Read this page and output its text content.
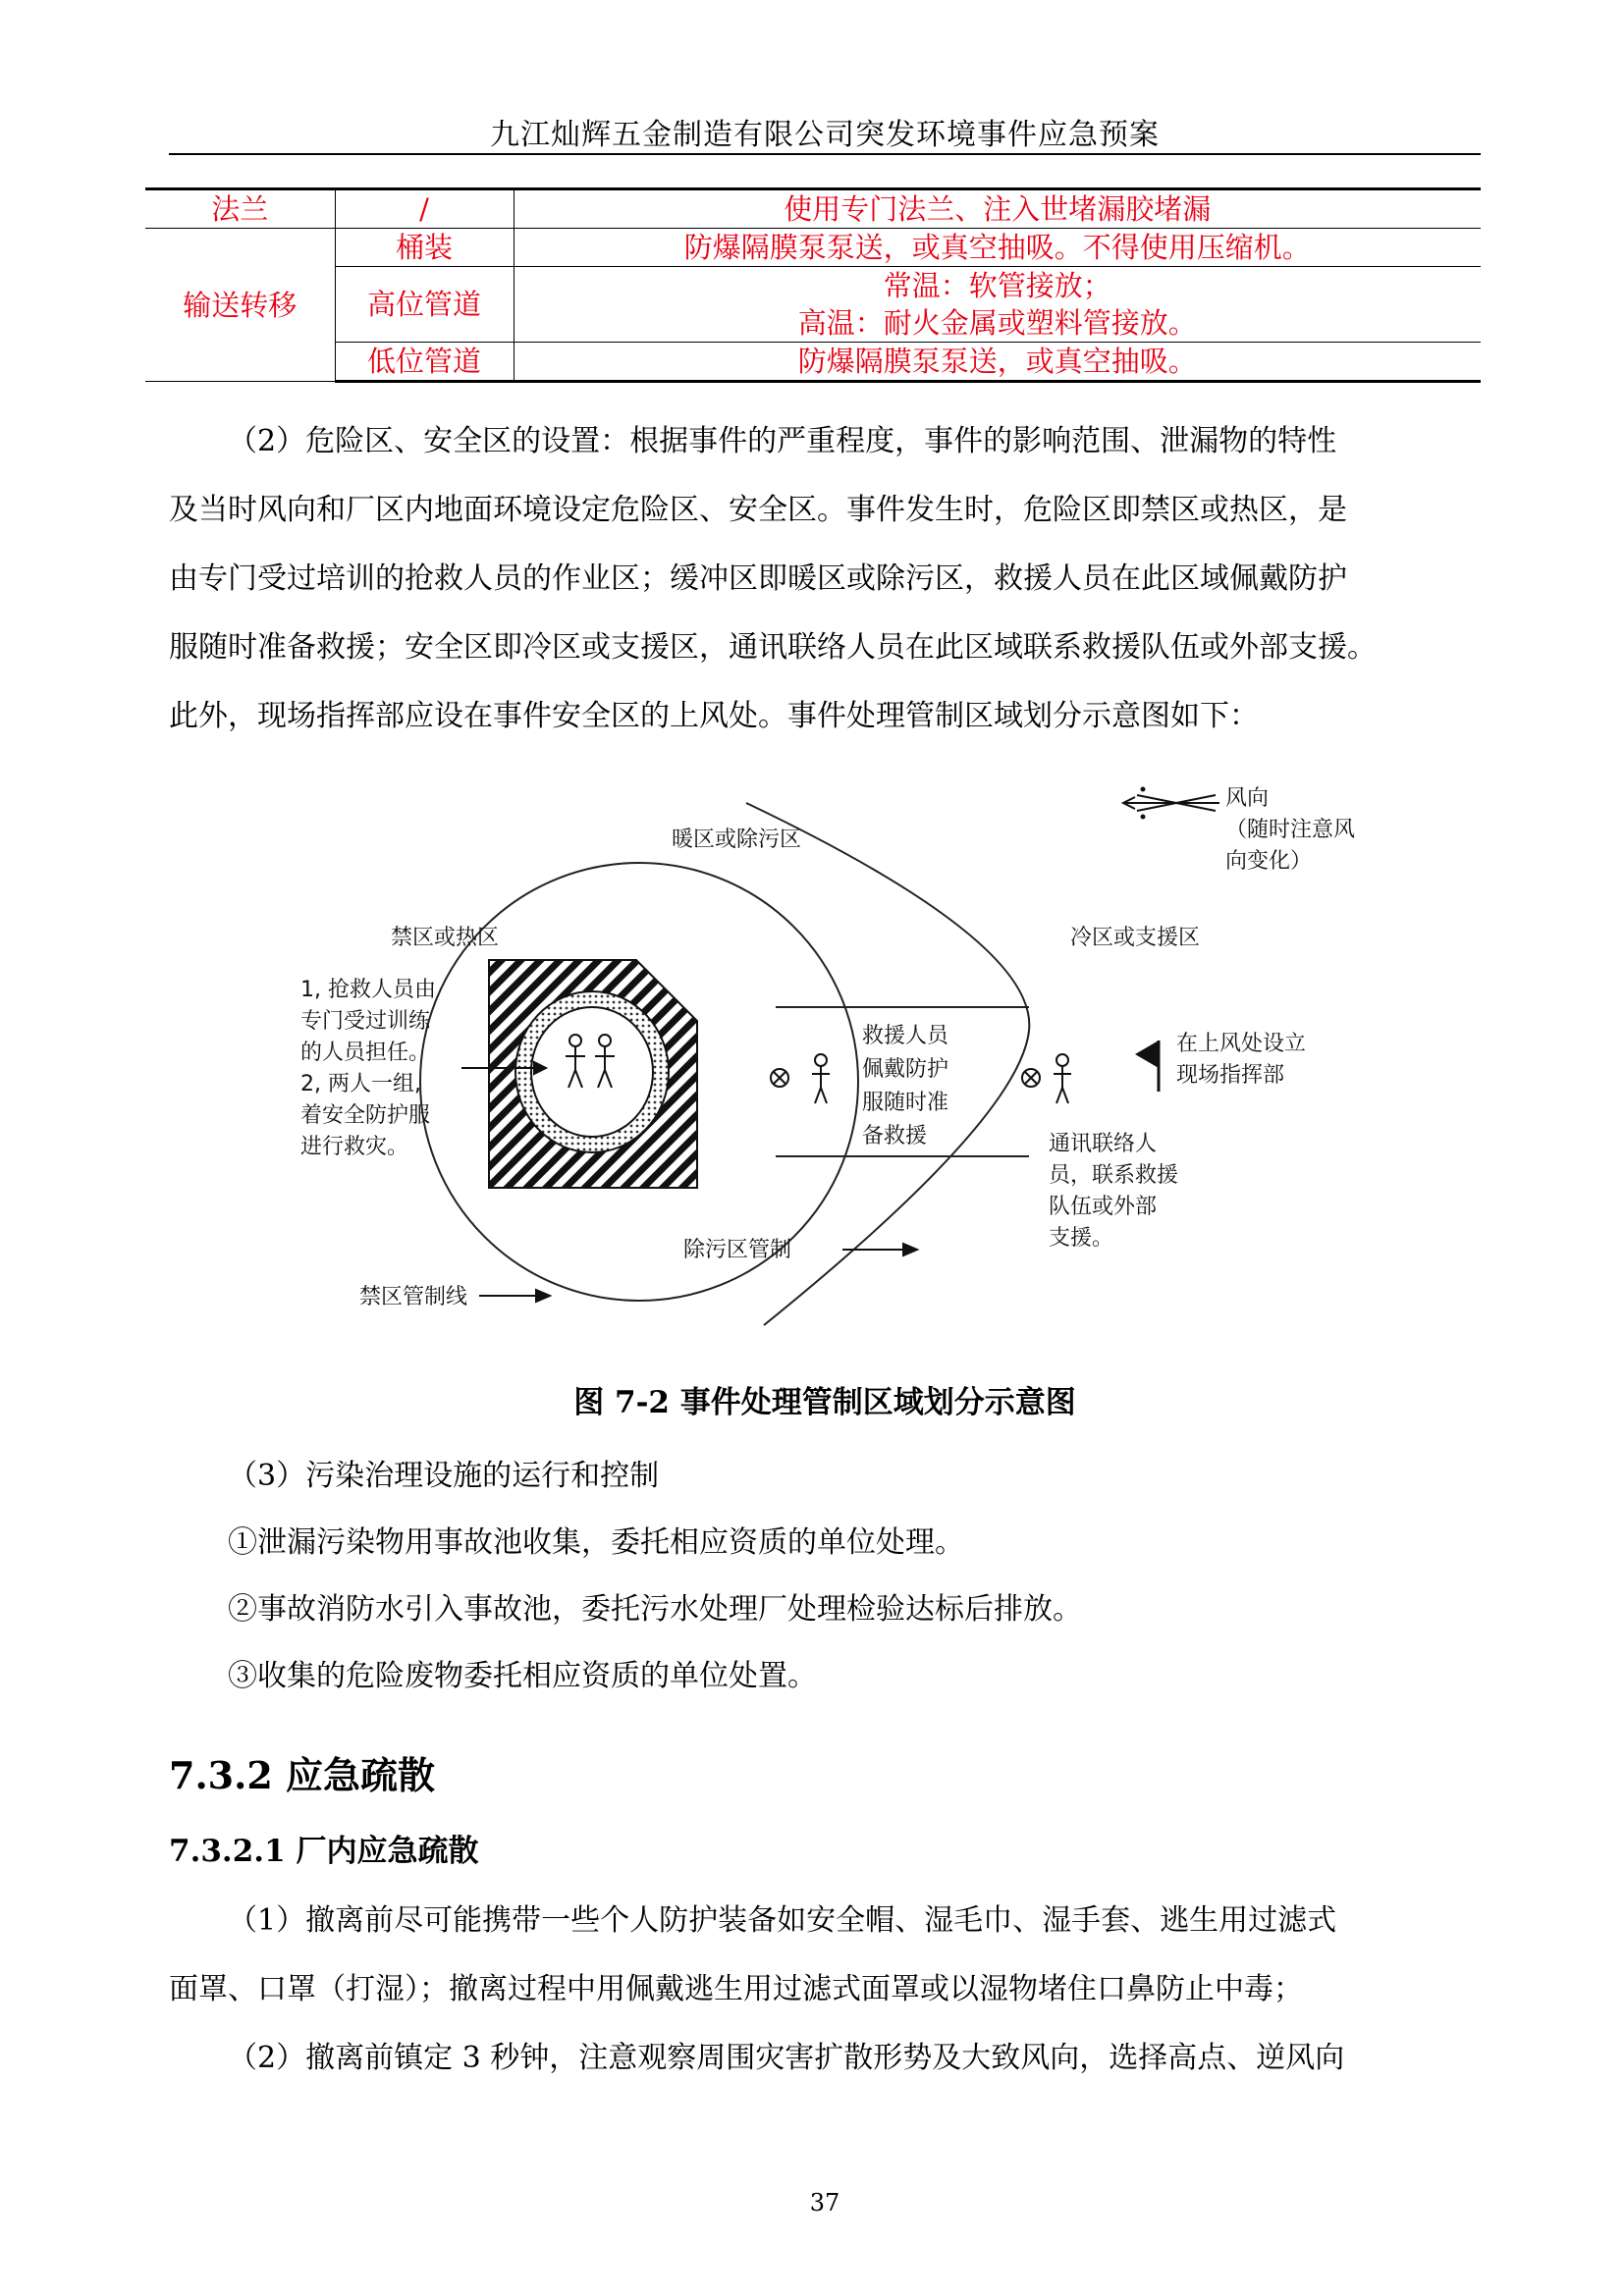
九江灿辉五金制造有限公司突发环境事件应急预案
法兰	/	使用专门法兰、注入世堵漏胶堵漏
输送转移	桶装	防爆隔膜泵泵送，或真空抽吸。不得使用压缩机。
	高位管道	常温：软管接放；
高温：耐火金属或塑料管接放。

	低位管道	防爆隔膜泵泵送，或真空抽吸。
（2）危险区、安全区的设置：根据事件的严重程度，事件的影响范围、泄漏物的特性
及当时风向和厂区内地面环境设定危险区、安全区。事件发生时，危险区即禁区或热区，是
由专门受过培训的抢救人员的作业区；缓冲区即暖区或除污区，救援人员在此区域佩戴防护
服随时准备救援；安全区即冷区或支援区，通讯联络人员在此区域联系救援队伍或外部支援。
此外，现场指挥部应设在事件安全区的上风处。事件处理管制区域划分示意图如下：
风向
（随时注意风
向变化）
暖区或除污区
禁区或热区	冷区或支援区
1, 抢救人员由
专门受过训练
的人员担任。
2, 两人一组,
着安全防护服
进行救灾。
救援人员
佩戴防护
服随时准
备救援
在上风处设立
现场指挥部
通讯联络人
员，联系救援
队伍或外部
支援。
除污区管制
禁区管制线
图 7-2 事件处理管制区域划分示意图
（3）污染治理设施的运行和控制
①泄漏污染物用事故池收集，委托相应资质的单位处理。
②事故消防水引入事故池，委托污水处理厂处理检验达标后排放。
③收集的危险废物委托相应资质的单位处置。
7.3.2 应急疏散
7.3.2.1 厂内应急疏散
（1）撤离前尽可能携带一些个人防护装备如安全帽、湿毛巾、湿手套、逃生用过滤式
面罩、口罩（打湿）；撤离过程中用佩戴逃生用过滤式面罩或以湿物堵住口鼻防止中毒；
（2）撤离前镇定 3 秒钟，注意观察周围灾害扩散形势及大致风向，选择高点、逆风向
37
